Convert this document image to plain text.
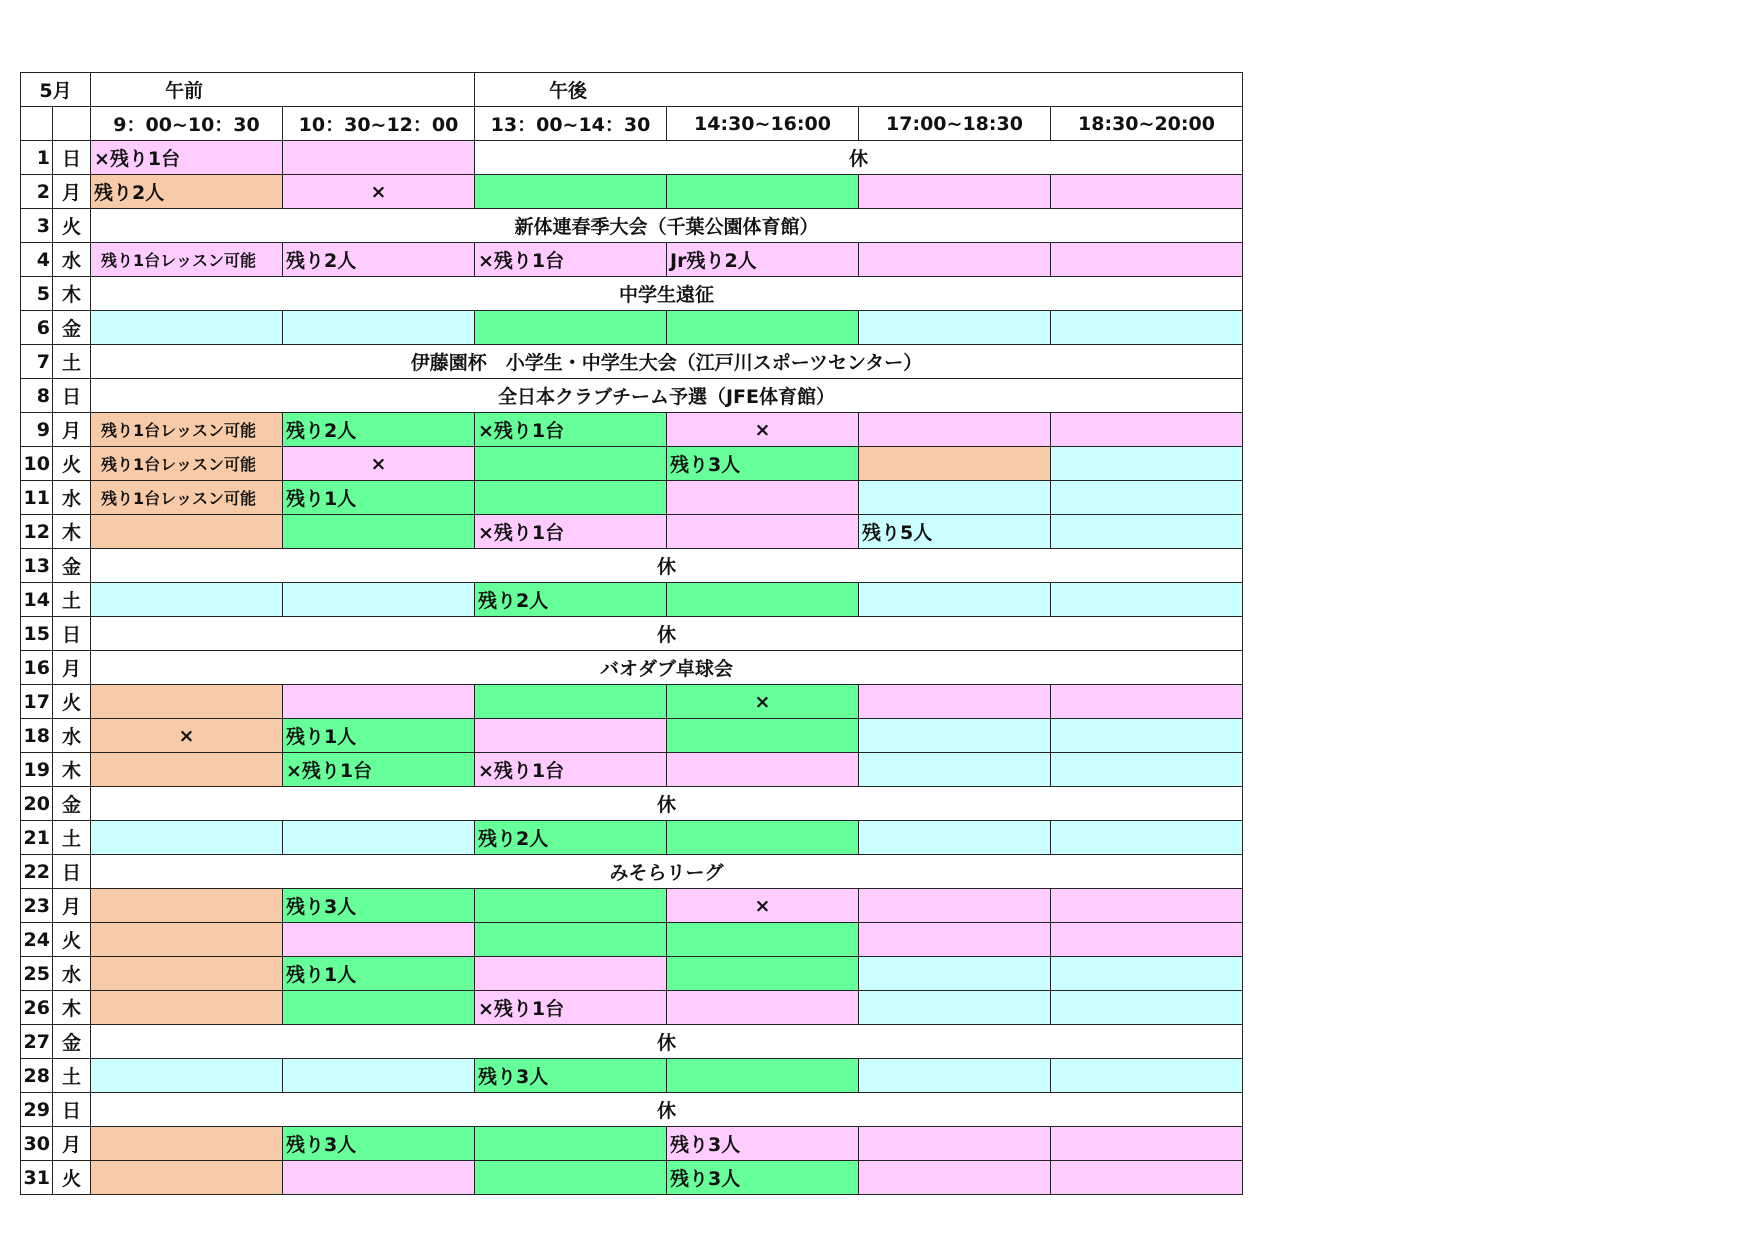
5月		午前		午後			
		9：00~10：30	10：30~12：00	13：00~14：30	14:30~16:00	17:00~18:30	18:30~20:00
1	日	×残り1台		休			
2	月	残り2人	×				
3	火	新体連春季大会（千葉公園体育館）					
4	水	残り1台レッスン可能	残り2人	×残り1台	Jr残り2人		
5	木	中学生遠征					
6	金						
7	土	伊藤園杯　小学生・中学生大会（江戸川スポーツセンター）					
8	日	全日本クラブチーム予選（JFE体育館）					
9	月	残り1台レッスン可能	残り2人	×残り1台	×		
10	火	残り1台レッスン可能	×		残り3人		
11	水	残り1台レッスン可能	残り1人				
12	木			×残り1台		残り5人	
13	金	休					
14	土			残り2人			
15	日	休					
16	月	バオダブ卓球会					
17	火				×		
18	水	×	残り1人				
19	木		×残り1台	×残り1台			
20	金	休					
21	土			残り2人			
22	日	みそらリーグ					
23	月		残り3人		×		
24	火						
25	水		残り1人				
26	木			×残り1台			
27	金	休					
28	土			残り3人			
29	日	休					
30	月		残り3人		残り3人		
31	火				残り3人		
